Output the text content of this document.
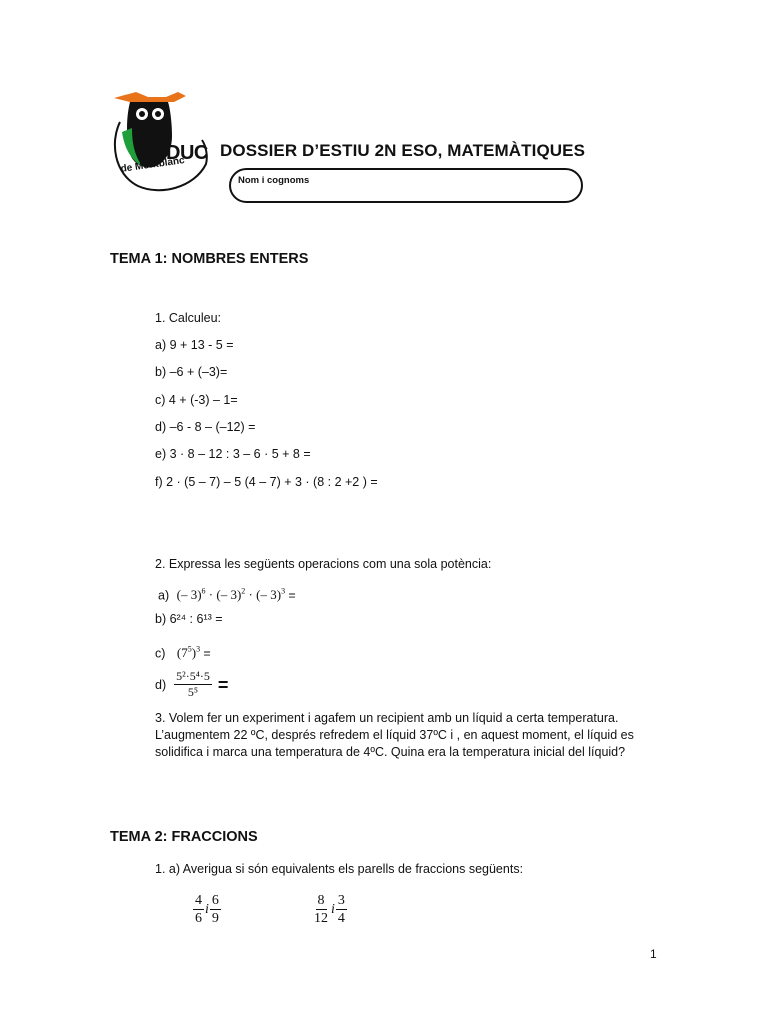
DUC
de Montblanc
DOSSIER D’ESTIU 2N ESO, MATEMÀTIQUES
Nom i cognoms
TEMA 1: NOMBRES ENTERS
1. Calculeu:
a) 9 + 13 - 5 =
b) –6 + (–3)=
c) 4 + (-3) – 1=
d) –6 - 8 – (–12) =
e) 3 · 8 – 12 : 3 – 6 · 5 + 8 =
f) 2 · (5 – 7) – 5 (4 – 7) + 3 · (8 : 2 +2 ) =
2. Expressa les següents operacions com una sola potència:
a) (– 3)$^6$ · (– 3)$^2$ · (– 3)$^3$ =
b) 6²⁴ : 6¹³ =
c) $(7^5)^3$ =
$d) \frac{\text{5²·5⁴·5}}{\text{5⁵}}$ =
3. Volem fer un experiment i agafem un recipient amb un líquid a certa temperatura. L’augmentem 22 ºC, després refredem el líquid 37ºC i , en aquest moment, el líquid es solidifica i marca una temperatura de 4ºC. Quina era la temperatura inicial del líquid?
TEMA 2: FRACCIONS
1. a) Averigua si són equivalents els parells de fraccions següents:
$\frac{4}{6}$ i $\frac{6}{9}$	$\frac{8}{12}$ i $\frac{3}{4}$
1
